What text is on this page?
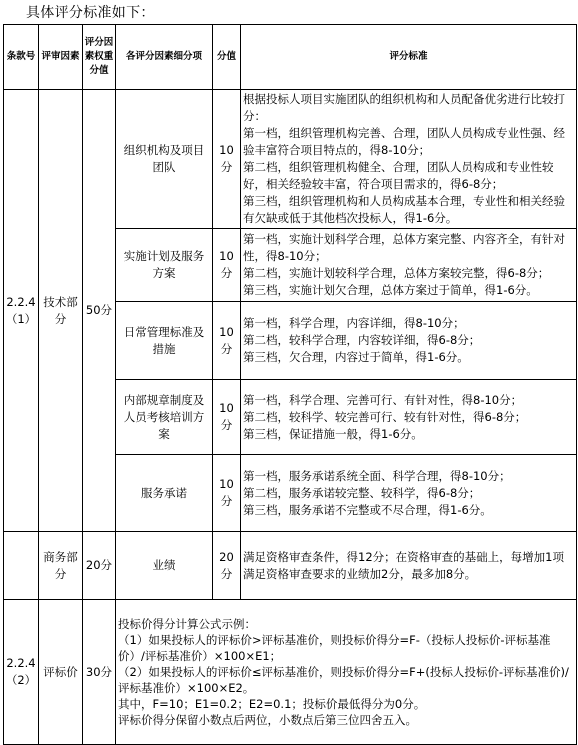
具体评分标准如下：
条款号	评审因素	评分因素权重分值	各评分因素细分项	分值	评分标准
2.2.4（1）	技术部分	50分	组织机构及项目团队	10分	根据投标人项目实施团队的组织机构和人员配备优劣进行比较打分：
第一档，组织管理机构完善、合理，团队人员构成专业性强、经验丰富符合项目特点的，得8-10分；
第二档，组织管理机构健全、合理，团队人员构成和专业性较好，相关经验较丰富，符合项目需求的，得6-8分；
第三档，组织管理机构和人员构成基本合理，专业性和相关经验有欠缺或低于其他档次投标人，得1-6分。

			实施计划及服务方案	10分	第一档，实施计划科学合理，总体方案完整、内容齐全，有针对性，得8-10分；
第二档，实施计划较科学合理，总体方案较完整，得6-8分；
第三档，实施计划欠合理，总体方案过于简单，得1-6分。

			日常管理标准及措施	10分	第一档，科学合理，内容详细，得8-10分；
第二档，较科学合理，内容较详细，得6-8分；
第三档，欠合理，内容过于简单，得1-6分。

			内部规章制度及人员考核培训方案	10分	第一档，科学合理、完善可行、有针对性，得8-10分；
第二档，较科学、较完善可行、较有针对性，得6-8分；
第三档，保证措施一般，得1-6分。

			服务承诺	10分	第一档，服务承诺系统全面、科学合理，得8-10分；
第二档，服务承诺较完整、较科学，得6-8分；
第三档，服务承诺不完整或不尽合理，得1-6分。

	商务部分	20分	业绩	20分	满足资格审查条件，得12分；在资格审查的基础上，每增加1项满足资格审查要求的业绩加2分，最多加8分。

2.2.4（2）	评标价	30分	投标价得分计算公式示例：
（1）如果投标人的评标价>评标基准价，则投标价得分=F-（投标人投标价-评标基准价）/评标基准价）×100×E1；
（2）如果投标人的评标价≤评标基准价，则投标价得分=F+(投标人投标价-评标基准价)/评标基准价）×100×E2。
其中，F=10；E1=0.2；E2=0.1；投标价最低得分为0分。
评标价得分保留小数点后两位，小数点后第三位四舍五入。		
